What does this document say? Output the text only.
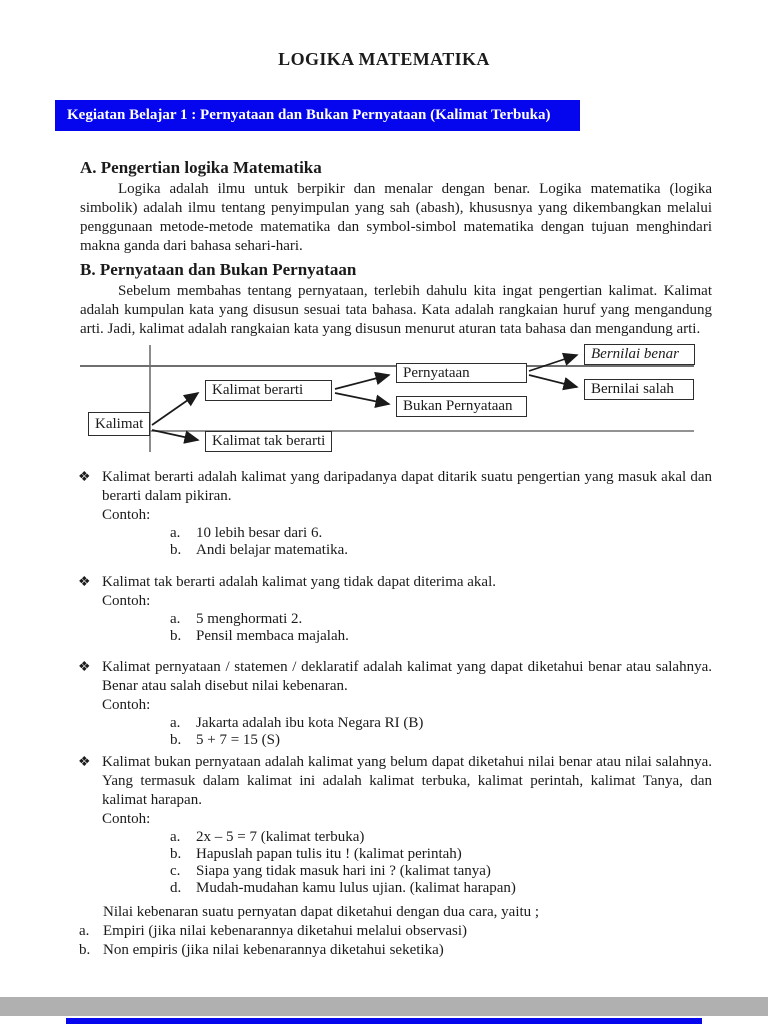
LOGIKA MATEMATIKA
Kegiatan Belajar 1 : Pernyataan dan Bukan Pernyataan (Kalimat Terbuka)
A. Pengertian logika Matematika

Logika adalah ilmu untuk berpikir dan menalar dengan benar. Logika matematika (logika simbolik) adalah ilmu tentang penyimpulan yang sah (abash), khususnya yang dikembangkan melalui penggunaan metode-metode matematika dan symbol-simbol matematika dengan tujuan menghindari makna ganda dari bahasa sehari-hari.

B. Pernyataan dan Bukan Pernyataan

Sebelum membahas tentang pernyataan, terlebih dahulu kita ingat pengertian kalimat. Kalimat adalah kumpulan kata yang disusun sesuai tata bahasa. Kata adalah rangkaian huruf yang mengandung arti. Jadi, kalimat adalah rangkaian kata yang disusun menurut aturan tata bahasa dan mengandung arti.

Kalimat
Kalimat berarti
Kalimat tak berarti
Pernyataan
Bukan Pernyataan
Bernilai benar
Bernilai salah
❖ Kalimat berarti adalah kalimat yang daripadanya dapat ditarik suatu pengertian yang masuk akal dan berarti dalam pikiran.

Contoh:
a.	10 lebih besar dari 6.
b. Andi belajar matematika.
❖ Kalimat tak berarti adalah kalimat yang tidak dapat diterima akal.

Contoh:
a.	5 menghormati 2.
b. Pensil membaca majalah.
❖ Kalimat pernyataan / statemen / deklaratif adalah kalimat yang dapat diketahui benar atau salahnya. Benar atau salah disebut nilai kebenaran.

Contoh:
a.	Jakarta adalah ibu kota Negara RI (B)
b. 5 + 7 = 15 (S)
❖ Kalimat bukan pernyataan adalah kalimat yang belum dapat diketahui nilai benar atau nilai salahnya. Yang termasuk dalam kalimat ini adalah kalimat terbuka, kalimat perintah, kalimat Tanya, dan kalimat harapan.

Contoh:
a.	2x – 5 = 7 (kalimat terbuka)
b. Hapuslah papan tulis itu ! (kalimat perintah)
c.	Siapa yang tidak masuk hari ini ? (kalimat tanya)
d. Mudah-mudahan kamu lulus ujian. (kalimat harapan)

Nilai kebenaran suatu pernyatan dapat diketahui dengan dua cara, yaitu ;

a. Empiri (jika nilai kebenarannya diketahui melalui observasi)
b. Non empiris (jika nilai kebenarannya diketahui seketika)
